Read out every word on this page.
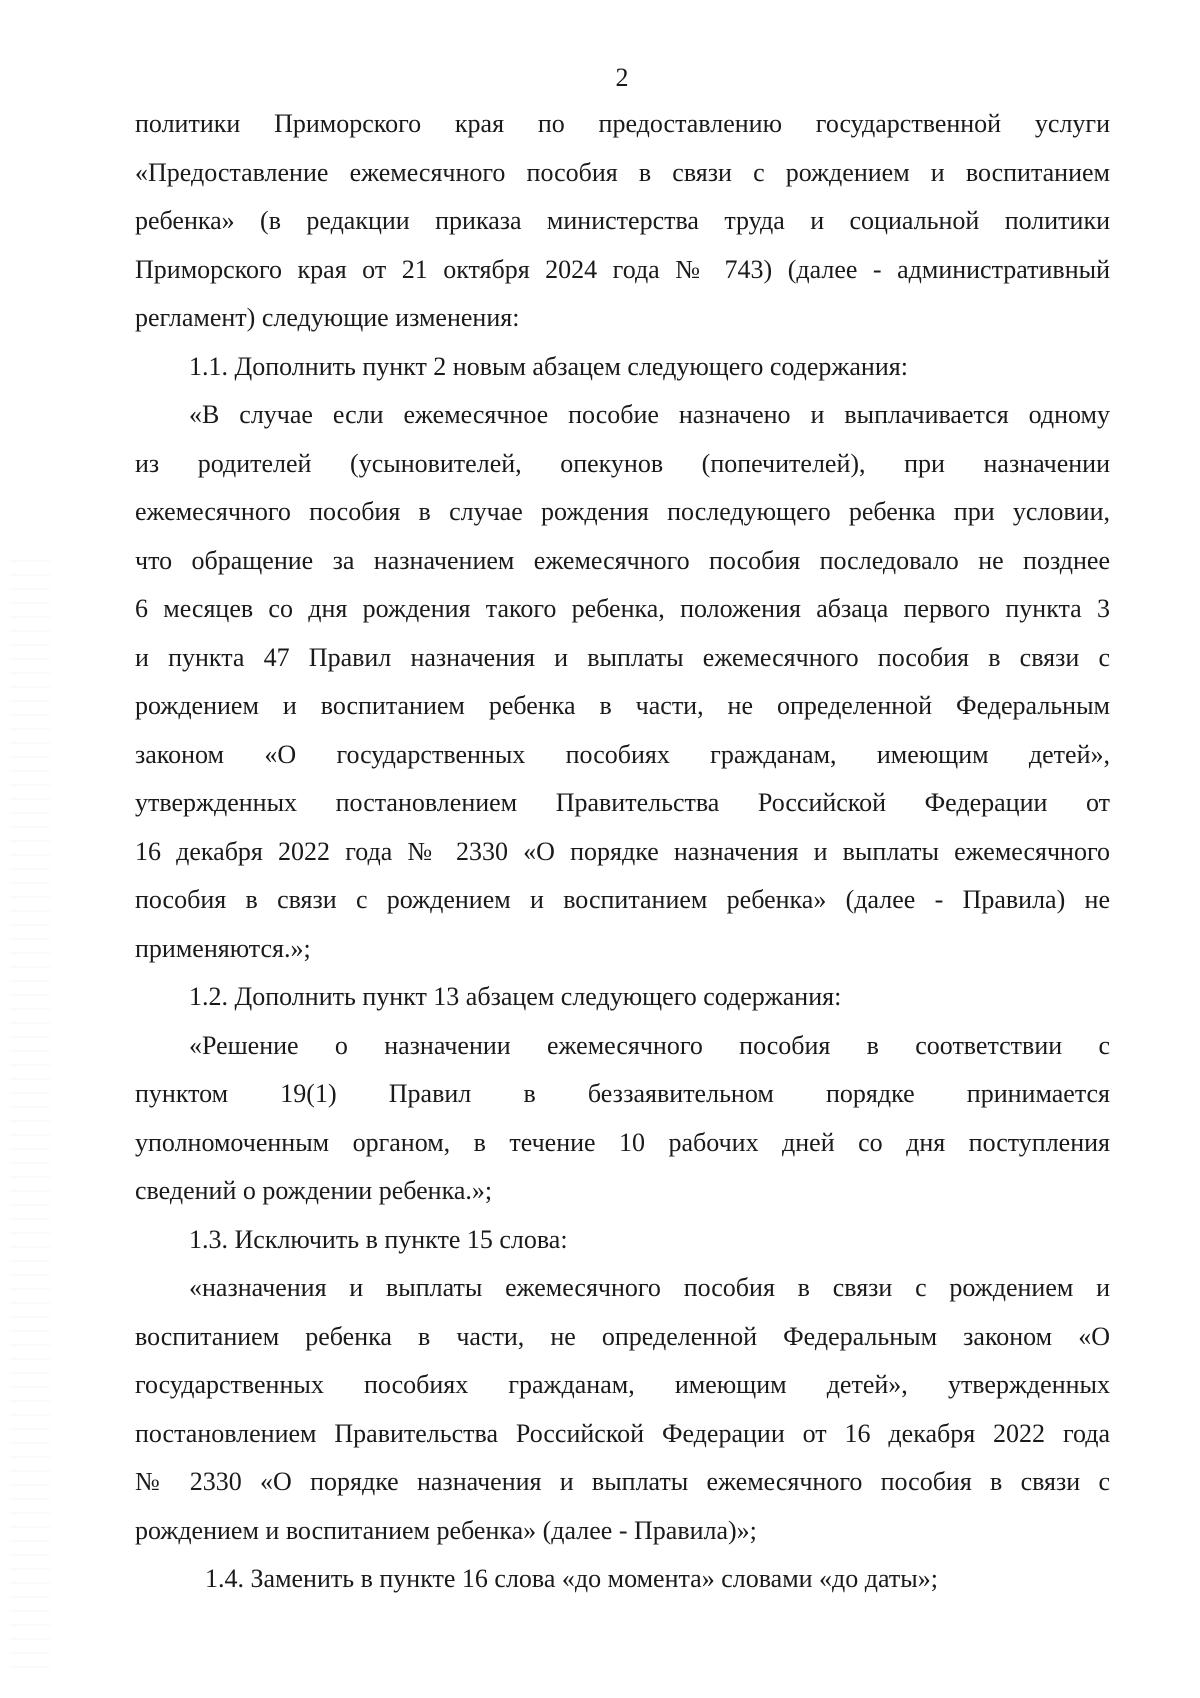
2
политики Приморского края по предоставлению государственной услуги
«Предоставление ежемесячного пособия в связи с рождением и воспитанием
ребенка» (в редакции приказа министерства труда и социальной политики
Приморского края от 21 октября 2024 года № 743) (далее - административный
регламент) следующие изменения:
1.1. Дополнить пункт 2 новым абзацем следующего содержания:
«В случае если ежемесячное пособие назначено и выплачивается одному
из родителей (усыновителей, опекунов (попечителей), при назначении
ежемесячного пособия в случае рождения последующего ребенка при условии,
что обращение за назначением ежемесячного пособия последовало не позднее
6 месяцев со дня рождения такого ребенка, положения абзаца первого пункта 3
и пункта 47 Правил назначения и выплаты ежемесячного пособия в связи с
рождением и воспитанием ребенка в части, не определенной Федеральным
законом «О государственных пособиях гражданам, имеющим детей»,
утвержденных постановлением Правительства Российской Федерации от
16 декабря 2022 года № 2330 «О порядке назначения и выплаты ежемесячного
пособия в связи с рождением и воспитанием ребенка» (далее - Правила) не
применяются.»;
1.2. Дополнить пункт 13 абзацем следующего содержания:
«Решение о назначении ежемесячного пособия в соответствии с
пунктом 19(1) Правил в беззаявительном порядке принимается
уполномоченным органом, в течение 10 рабочих дней со дня поступления
сведений о рождении ребенка.»;
1.3. Исключить в пункте 15 слова:
«назначения и выплаты ежемесячного пособия в связи с рождением и
воспитанием ребенка в части, не определенной Федеральным законом «О
государственных пособиях гражданам, имеющим детей», утвержденных
постановлением Правительства Российской Федерации от 16 декабря 2022 года
№ 2330 «О порядке назначения и выплаты ежемесячного пособия в связи с
рождением и воспитанием ребенка» (далее - Правила)»;
1.4. Заменить в пункте 16 слова «до момента» словами «до даты»;
